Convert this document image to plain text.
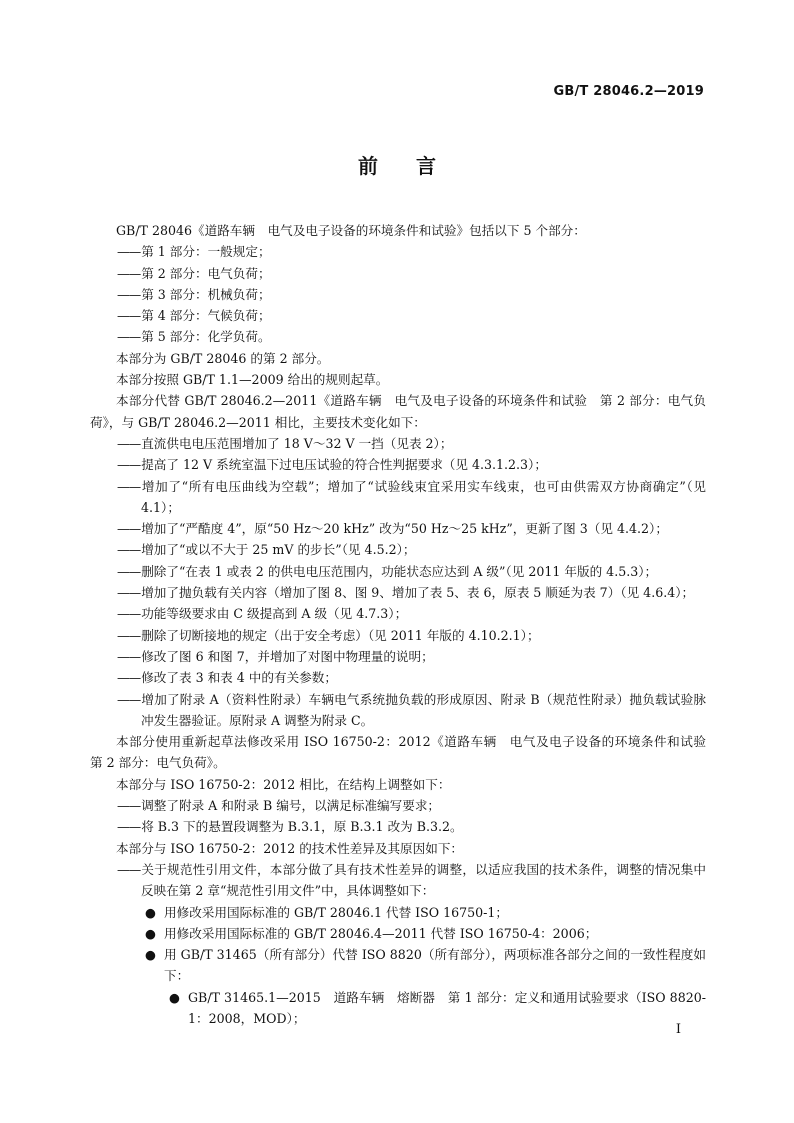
GB/T 28046.2—2019
前 言

GB/T 28046《道路车辆　电气及电子设备的环境条件和试验》包括以下 5 个部分：

—— 第 1 部分：一般规定；

—— 第 2 部分：电气负荷；

—— 第 3 部分：机械负荷；

—— 第 4 部分：气候负荷；

—— 第 5 部分：化学负荷。

本部分为 GB/T 28046 的第 2 部分。

本部分按照 GB/T 1.1—2009 给出的规则起草。

本部分代替 GB/T 28046.2—2011《道路车辆　电气及电子设备的环境条件和试验　第 2 部分：电气负荷》，与 GB/T 28046.2—2011 相比，主要技术变化如下：

—— 直流供电电压范围增加了 18 V～32 V 一挡（见表 2）；

—— 提高了 12 V 系统室温下过电压试验的符合性判据要求（见 4.3.1.2.3）；

—— 增加了“所有电压曲线为空载”；增加了“试验线束宜采用实车线束，也可由供需双方协商确定”（见 4.1）；

—— 增加了“严酷度 4”，原“50 Hz～20 kHz” 改为“50 Hz～25 kHz”，更新了图 3（见 4.4.2）；

—— 增加了“或以不大于 25 mV 的步长”（见 4.5.2）；

—— 删除了“在表 1 或表 2 的供电电压范围内，功能状态应达到 A 级”（见 2011 年版的 4.5.3）；

—— 增加了抛负载有关内容（增加了图 8、图 9、增加了表 5、表 6，原表 5 顺延为表 7）（见 4.6.4）；

—— 功能等级要求由 C 级提高到 A 级（见 4.7.3）；

—— 删除了切断接地的规定（出于安全考虑）（见 2011 年版的 4.10.2.1）；

—— 修改了图 6 和图 7，并增加了对图中物理量的说明；

—— 修改了表 3 和表 4 中的有关参数；

—— 增加了附录 A（资料性附录）车辆电气系统抛负载的形成原因、附录 B（规范性附录）抛负载试验脉冲发生器验证。原附录 A 调整为附录 C。

本部分使用重新起草法修改采用 ISO 16750-2：2012《道路车辆　电气及电子设备的环境条件和试验　第 2 部分：电气负荷》。

本部分与 ISO 16750-2：2012 相比，在结构上调整如下：

—— 调整了附录 A 和附录 B 编号，以满足标准编写要求；

—— 将 B.3 下的悬置段调整为 B.3.1，原 B.3.1 改为 B.3.2。

本部分与 ISO 16750-2：2012 的技术性差异及其原因如下：

—— 关于规范性引用文件，本部分做了具有技术性差异的调整，以适应我国的技术条件，调整的情况集中反映在第 2 章“规范性引用文件”中，具体调整如下：

● 用修改采用国际标准的 GB/T 28046.1 代替 ISO 16750-1；

● 用修改采用国际标准的 GB/T 28046.4—2011 代替 ISO 16750-4：2006；

● 用 GB/T 31465（所有部分）代替 ISO 8820（所有部分），两项标准各部分之间的一致性程度如下：

● GB/T 31465.1—2015　道路车辆　熔断器　第 1 部分：定义和通用试验要求（ISO 8820-1：2008，MOD）；

I
